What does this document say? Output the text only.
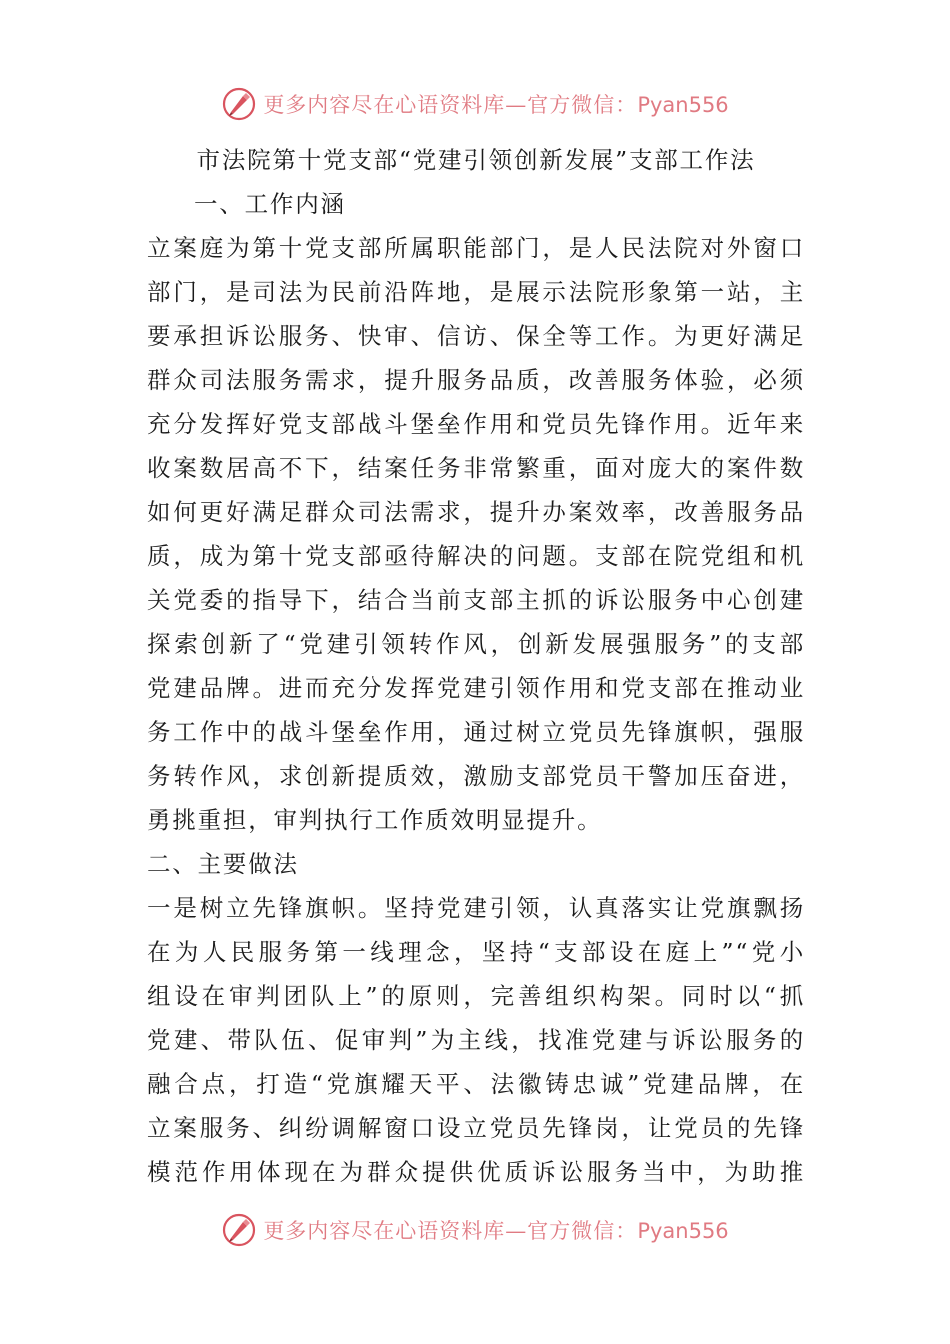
更多内容尽在心语资料库—官方微信：Pyan556
市法院第十党支部“党建引领创新发展”支部工作法
一、工作内涵
立案庭为第十党支部所属职能部门，是人民法院对外窗口
部门，是司法为民前沿阵地，是展示法院形象第一站，主
要承担诉讼服务、快审、信访、保全等工作。为更好满足
群众司法服务需求，提升服务品质，改善服务体验，必须
充分发挥好党支部战斗堡垒作用和党员先锋作用。近年来
收案数居高不下，结案任务非常繁重，面对庞大的案件数
如何更好满足群众司法需求，提升办案效率，改善服务品
质，成为第十党支部亟待解决的问题。支部在院党组和机
关党委的指导下，结合当前支部主抓的诉讼服务中心创建
探索创新了“党建引领转作风，创新发展强服务”的支部
党建品牌。进而充分发挥党建引领作用和党支部在推动业
务工作中的战斗堡垒作用，通过树立党员先锋旗帜，强服
务转作风，求创新提质效，激励支部党员干警加压奋进，
勇挑重担，审判执行工作质效明显提升。
二、主要做法
一是树立先锋旗帜。坚持党建引领，认真落实让党旗飘扬
在为人民服务第一线理念，坚持“支部设在庭上”“党小
组设在审判团队上”的原则，完善组织构架。同时以“抓
党建、带队伍、促审判”为主线，找准党建与诉讼服务的
融合点，打造“党旗耀天平、法徽铸忠诚”党建品牌，在
立案服务、纠纷调解窗口设立党员先锋岗，让党员的先锋
模范作用体现在为群众提供优质诉讼服务当中，为助推
更多内容尽在心语资料库—官方微信：Pyan556
